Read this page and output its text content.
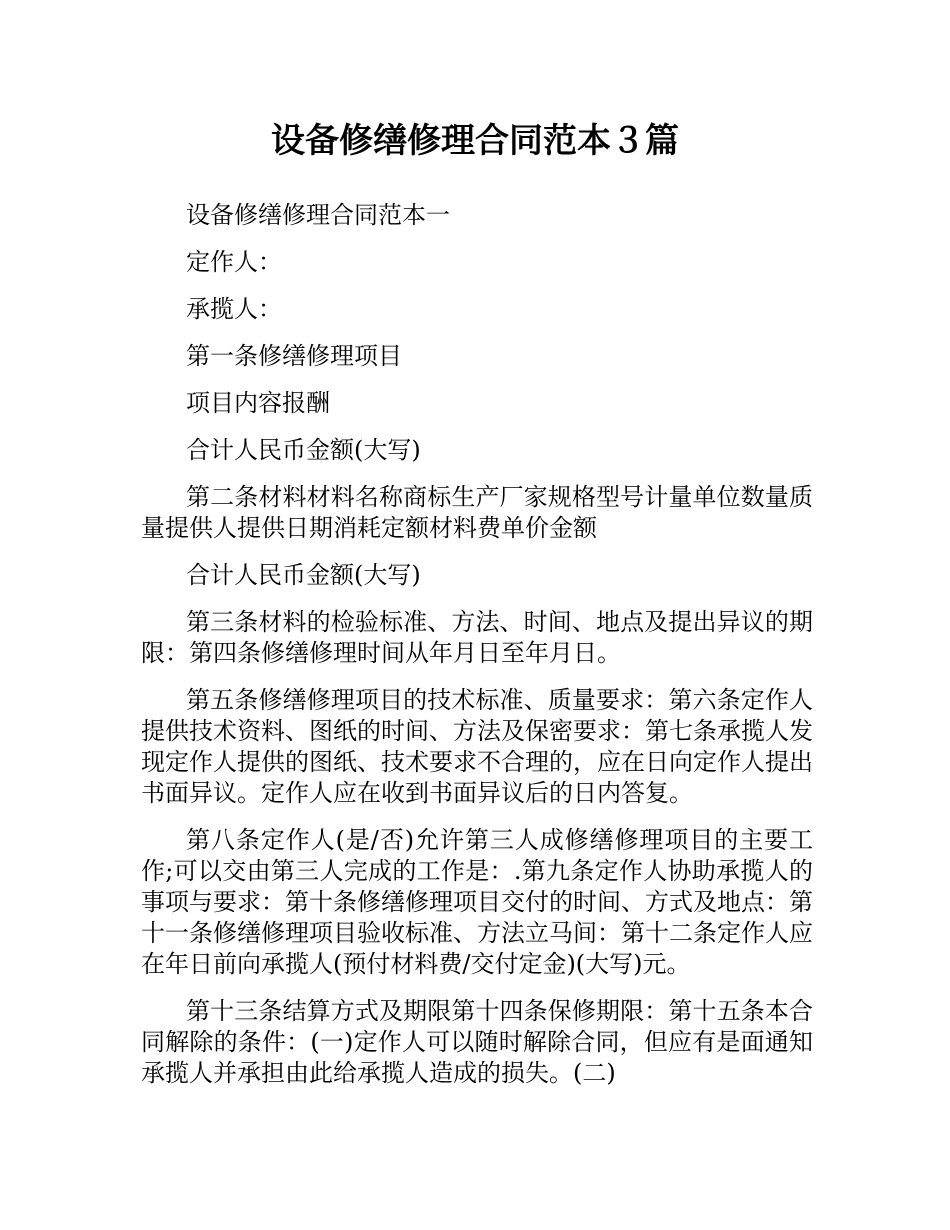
设备修缮修理合同范本３篇

设备修缮修理合同范本一

定作人：

承揽人：

第一条修缮修理项目

项目内容报酬

合计人民币金额(大写)

第二条材料材料名称商标生产厂家规格型号计量单位数量质量提供人提供日期消耗定额材料费单价金额

合计人民币金额(大写)

第三条材料的检验标准、方法、时间、地点及提出异议的期限：第四条修缮修理时间从年月日至年月日。

第五条修缮修理项目的技术标准、质量要求：第六条定作人提供技术资料、图纸的时间、方法及保密要求：第七条承揽人发现定作人提供的图纸、技术要求不合理的，应在日向定作人提出书面异议。定作人应在收到书面异议后的日内答复。

第八条定作人(是/否)允许第三人成修缮修理项目的主要工作;可以交由第三人完成的工作是：.第九条定作人协助承揽人的事项与要求：第十条修缮修理项目交付的时间、方式及地点：第十一条修缮修理项目验收标准、方法立马间：第十二条定作人应在年日前向承揽人(预付材料费/交付定金)(大写)元。

第十三条结算方式及期限第十四条保修期限：第十五条本合同解除的条件：(一)定作人可以随时解除合同，但应有是面通知承揽人并承担由此给承揽人造成的损失。(二)
